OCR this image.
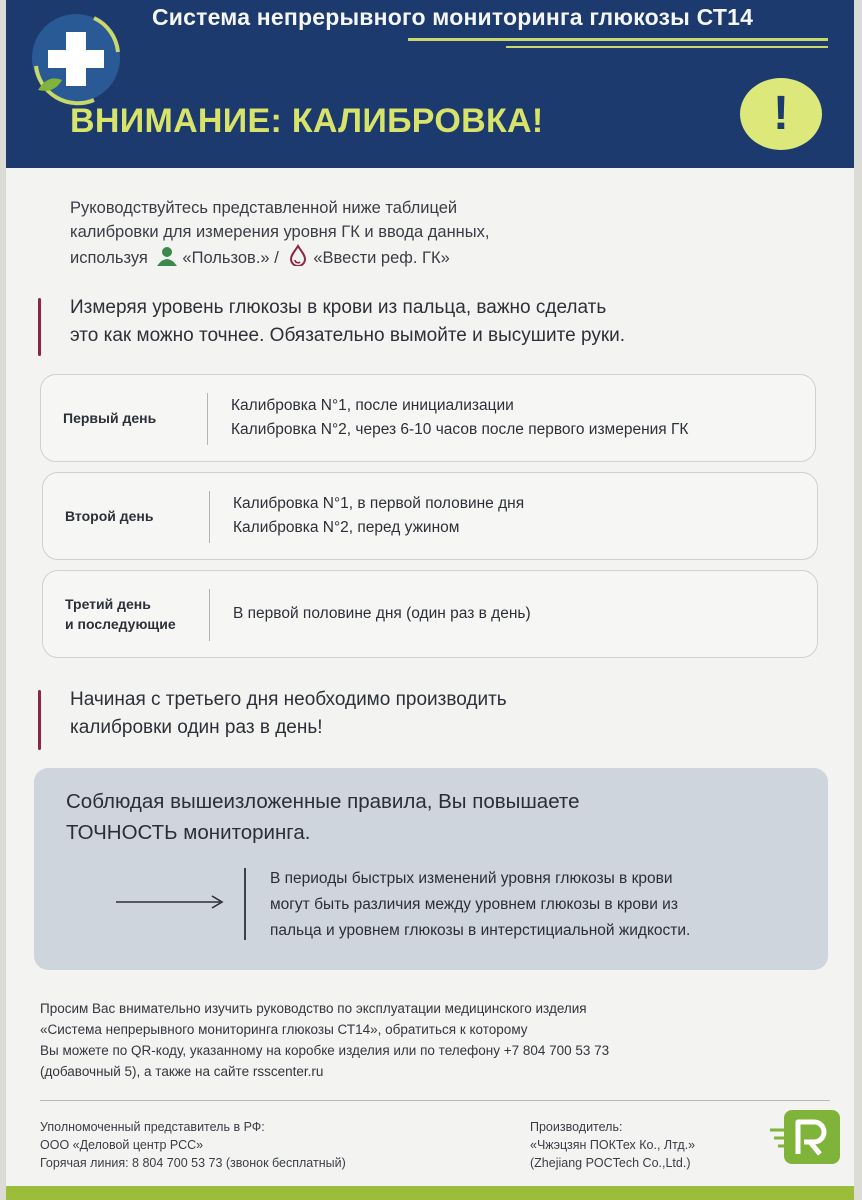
Система непрерывного мониторинга глюкозы СТ14
ВНИМАНИЕ: КАЛИБРОВКА!	!
Руководствуйтесь представленной ниже таблицей
калибровки для измерения уровня ГК и ввода данных,
используя «Пользов.» / «Ввести реф. ГК»
Измеряя уровень глюкозы в крови из пальца, важно сделать
это как можно точнее. Обязательно вымойте и высушите руки.
Первый день
Калибровка N°1, после инициализации
Калибровка N°2, через 6-10 часов после первого измерения ГК
Второй день
Калибровка N°1, в первой половине дня
Калибровка N°2, перед ужином
Третий день
и последующие
В первой половине дня (один раз в день)
Начиная с третьего дня необходимо производить
калибровки один раз в день!
Соблюдая вышеизложенные правила, Вы повышаете
ТОЧНОСТЬ мониторинга.
В периоды быстрых изменений уровня глюкозы в крови
могут быть различия между уровнем глюкозы в крови из
пальца и уровнем глюкозы в интерстициальной жидкости.
Просим Вас внимательно изучить руководство по эксплуатации медицинского изделия
«Система непрерывного мониторинга глюкозы СТ14», обратиться к которому
Вы можете по QR-коду, указанному на коробке изделия или по телефону +7 804 700 53 73
(добавочный 5), а также на сайте rsscenter.ru
Уполномоченный представитель в РФ:
ООО «Деловой центр РСС»
Горячая линия: 8 804 700 53 73 (звонок бесплатный)
Производитель:
«Чжэцзян ПОКТех Ко., Лтд.»
(Zhejiang POCTech Co.,Ltd.)
